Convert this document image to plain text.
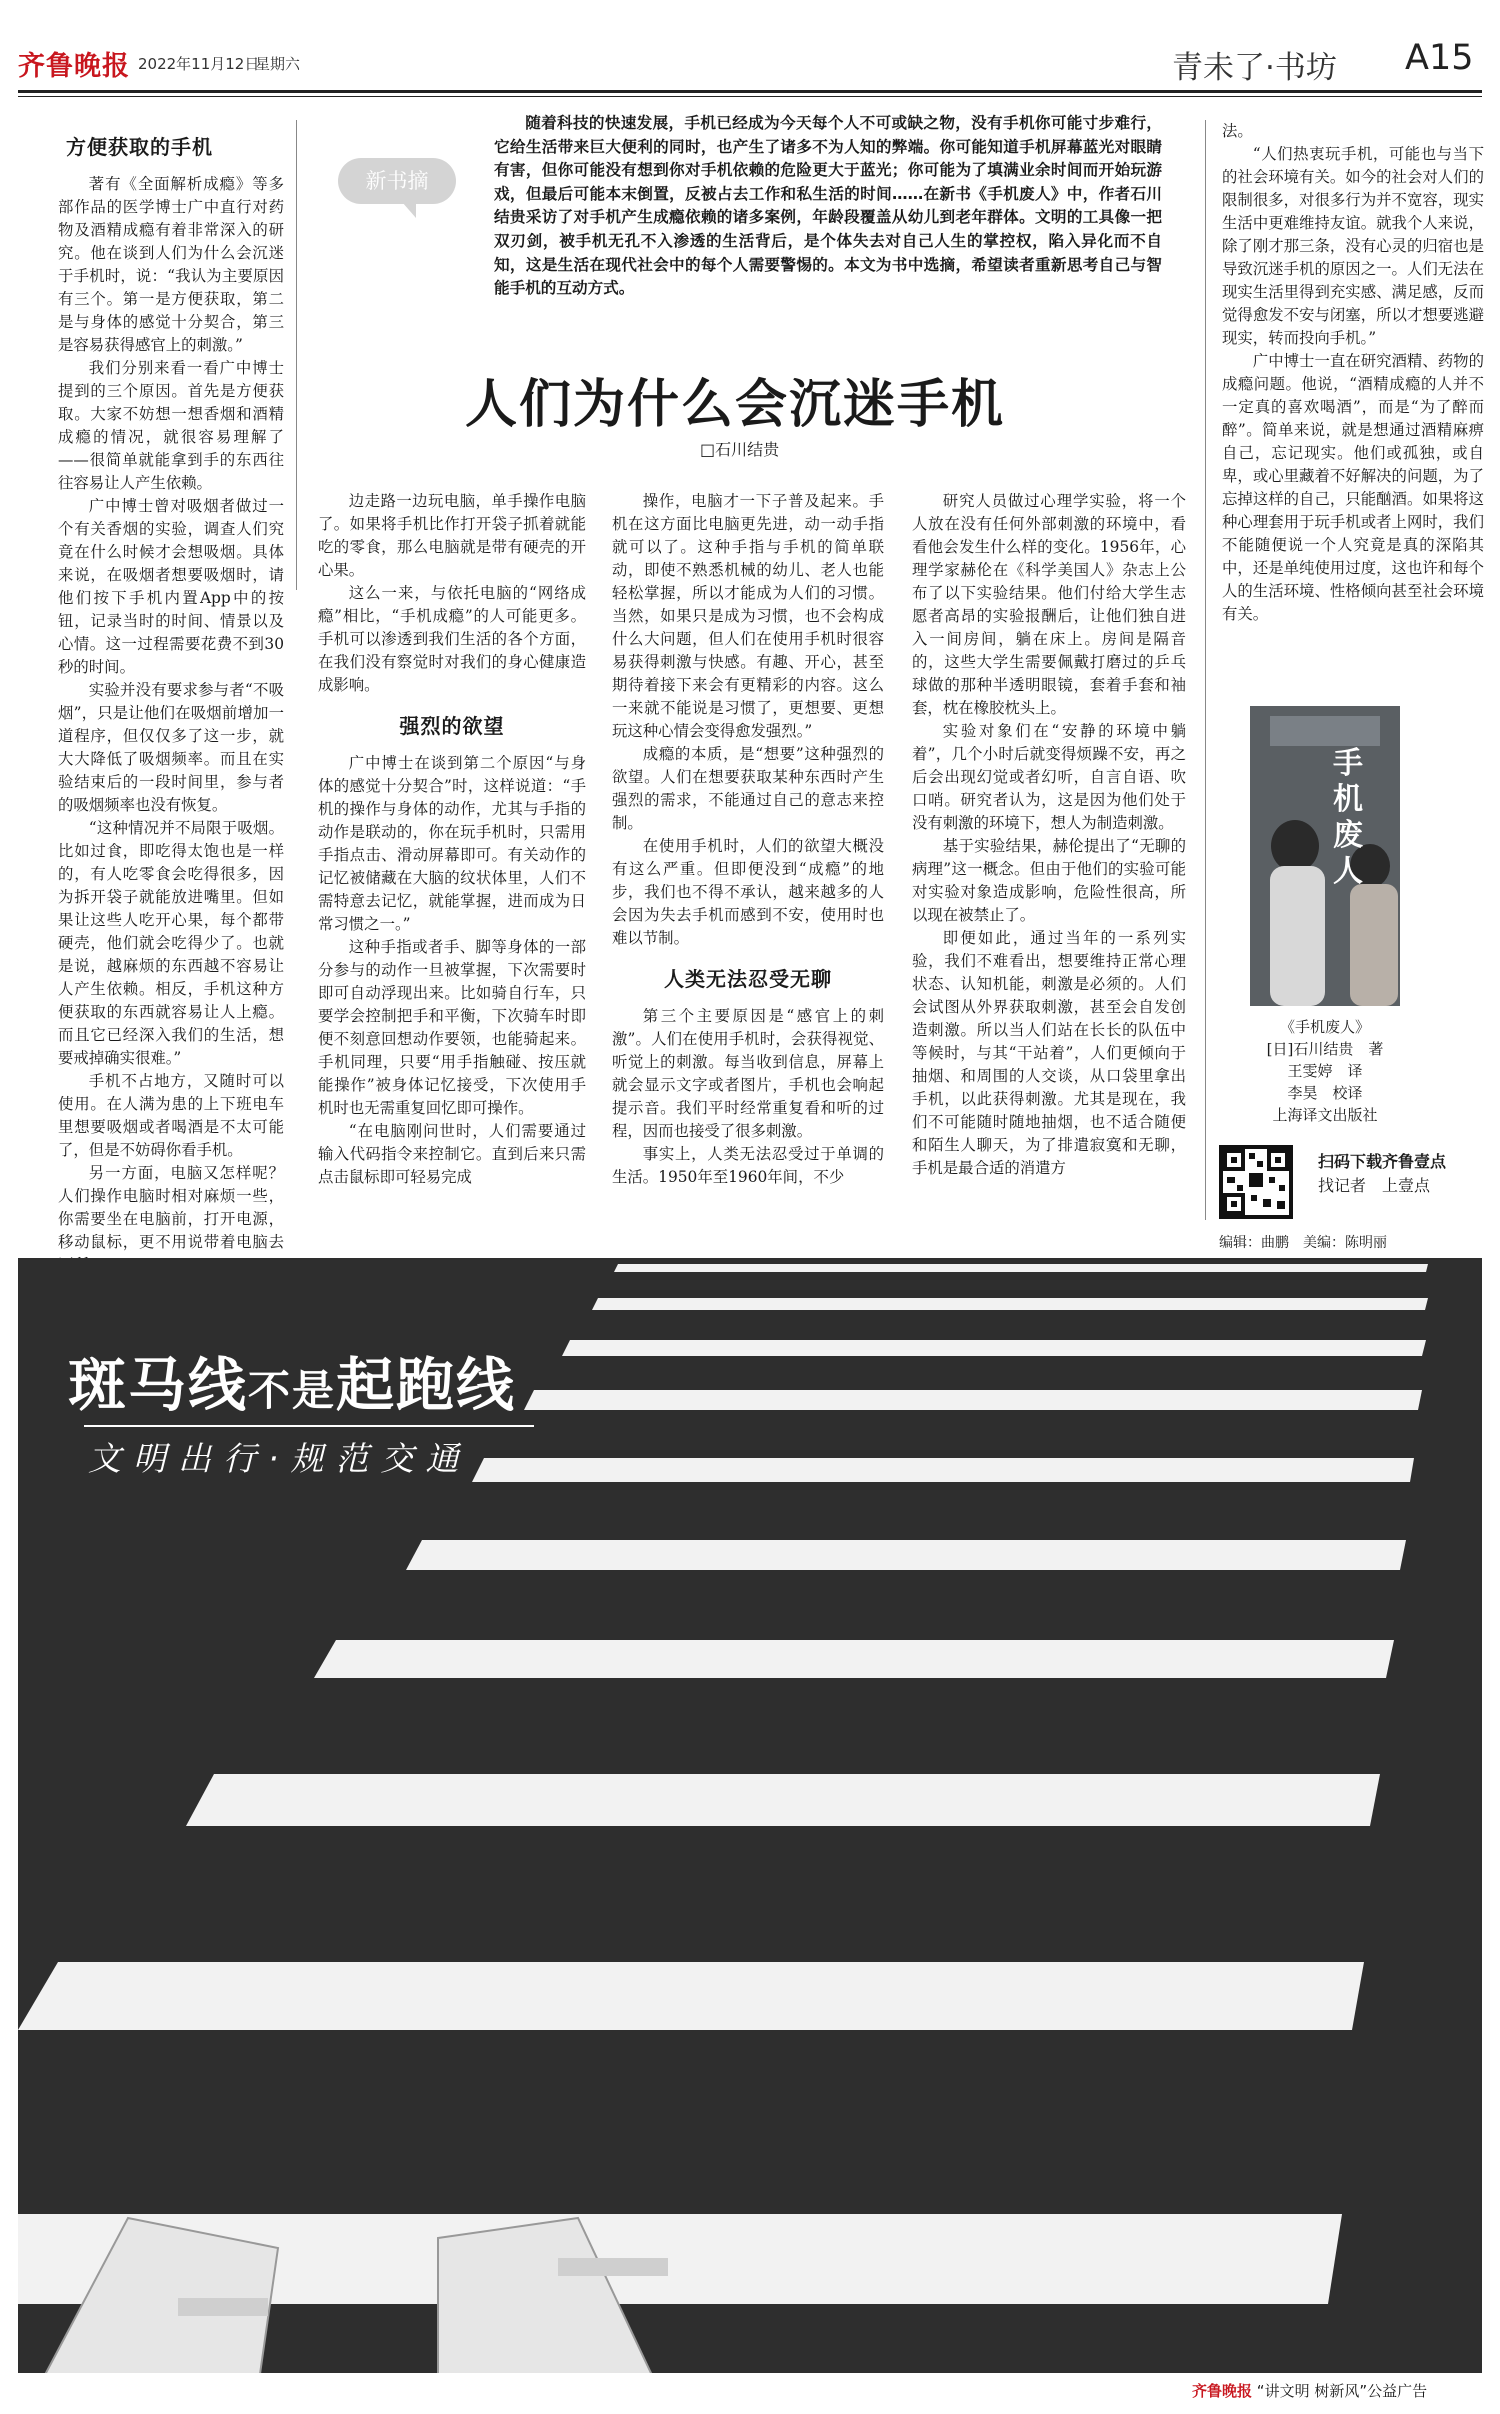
齐鲁晚报 2022年11月12日
星期六	青未了·书坊 A15
方便获取的手机

著有《全面解析成瘾》等多部作品的医学博士广中直行对药物及酒精成瘾有着非常深入的研究。他在谈到人们为什么会沉迷于手机时，说：“我认为主要原因有三个。第一是方便获取，第二是与身体的感觉十分契合，第三是容易获得感官上的刺激。”

我们分别来看一看广中博士提到的三个原因。首先是方便获取。大家不妨想一想香烟和酒精成瘾的情况，就很容易理解了——很简单就能拿到手的东西往往容易让人产生依赖。

广中博士曾对吸烟者做过一个有关香烟的实验，调查人们究竟在什么时候才会想吸烟。具体来说，在吸烟者想要吸烟时，请他们按下手机内置App中的按钮，记录当时的时间、情景以及心情。这一过程需要花费不到30秒的时间。

实验并没有要求参与者“不吸烟”，只是让他们在吸烟前增加一道程序，但仅仅多了这一步，就大大降低了吸烟频率。而且在实验结束后的一段时间里，参与者的吸烟频率也没有恢复。

“这种情况并不局限于吸烟。比如过食，即吃得太饱也是一样的，有人吃零食会吃得很多，因为拆开袋子就能放进嘴里。但如果让这些人吃开心果，每个都带硬壳，他们就会吃得少了。也就是说，越麻烦的东西越不容易让人产生依赖。相反，手机这种方便获取的东西就容易让人上瘾。而且它已经深入我们的生活，想要戒掉确实很难。”

手机不占地方，又随时可以使用。在人满为患的上下班电车里想要吸烟或者喝酒是不太可能了，但是不妨碍你看手机。

另一方面，电脑又怎样呢？人们操作电脑时相对麻烦一些，你需要坐在电脑前，打开电源，移动鼠标，更不用说带着电脑去

新书摘
随着科技的快速发展，手机已经成为今天每个人不可或缺之物，没有手机你可能寸步难行，它给生活带来巨大便利的同时，也产生了诸多不为人知的弊端。你可能知道手机屏幕蓝光对眼睛有害，但你可能没有想到你对手机依赖的危险更大于蓝光；你可能为了填满业余时间而开始玩游戏，但最后可能本末倒置，反被占去工作和私生活的时间……在新书《手机废人》中，作者石川结贵采访了对手机产生成瘾依赖的诸多案例，年龄段覆盖从幼儿到老年群体。文明的工具像一把双刃剑，被手机无孔不入渗透的生活背后，是个体失去对自己人生的掌控权，陷入异化而不自知，这是生活在现代社会中的每个人需要警惕的。本文为书中选摘，希望读者重新思考自己与智能手机的互动方式。
人们为什么会沉迷手机
□石川结贵

边走路一边玩电脑，单手操作电脑了。如果将手机比作打开袋子抓着就能吃的零食，那么电脑就是带有硬壳的开心果。

这么一来，与依托电脑的“网络成瘾”相比，“手机成瘾”的人可能更多。手机可以渗透到我们生活的各个方面，在我们没有察觉时对我们的身心健康造成影响。

强烈的欲望

广中博士在谈到第二个原因“与身体的感觉十分契合”时，这样说道：“手机的操作与身体的动作，尤其与手指的动作是联动的，你在玩手机时，只需用手指点击、滑动屏幕即可。有关动作的记忆被储藏在大脑的纹状体里，人们不需特意去记忆，就能掌握，进而成为日常习惯之一。”

这种手指或者手、脚等身体的一部分参与的动作一旦被掌握，下次需要时即可自动浮现出来。比如骑自行车，只要学会控制把手和平衡，下次骑车时即便不刻意回想动作要领，也能骑起来。手机同理，只要“用手指触碰、按压就能操作”被身体记忆接受，下次使用手机时也无需重复回忆即可操作。

“在电脑刚问世时，人们需要通过输入代码指令来控制它。直到后来只需点击鼠标即可轻易完成

操作，电脑才一下子普及起来。手机在这方面比电脑更先进，动一动手指就可以了。这种手指与手机的简单联动，即使不熟悉机械的幼儿、老人也能轻松掌握，所以才能成为人们的习惯。当然，如果只是成为习惯，也不会构成什么大问题，但人们在使用手机时很容易获得刺激与快感。有趣、开心，甚至期待着接下来会有更精彩的内容。这么一来就不能说是习惯了，更想要、更想玩这种心情会变得愈发强烈。”

成瘾的本质，是“想要”这种强烈的欲望。人们在想要获取某种东西时产生强烈的需求，不能通过自己的意志来控制。

在使用手机时，人们的欲望大概没有这么严重。但即便没到“成瘾”的地步，我们也不得不承认，越来越多的人会因为失去手机而感到不安，使用时也难以节制。

人类无法忍受无聊

第三个主要原因是“感官上的刺激”。人们在使用手机时，会获得视觉、听觉上的刺激。每当收到信息，屏幕上就会显示文字或者图片，手机也会响起提示音。我们平时经常重复看和听的过程，因而也接受了很多刺激。

事实上，人类无法忍受过于单调的生活。1950年至1960年间，不少

研究人员做过心理学实验，将一个人放在没有任何外部刺激的环境中，看看他会发生什么样的变化。1956年，心理学家赫伦在《科学美国人》杂志上公布了以下实验结果。他们付给大学生志愿者高昂的实验报酬后，让他们独自进入一间房间，躺在床上。房间是隔音的，这些大学生需要佩戴打磨过的乒乓球做的那种半透明眼镜，套着手套和袖套，枕在橡胶枕头上。

实验对象们在“安静的环境中躺着”，几个小时后就变得烦躁不安，再之后会出现幻觉或者幻听，自言自语、吹口哨。研究者认为，这是因为他们处于没有刺激的环境下，想人为制造刺激。

基于实验结果，赫伦提出了“无聊的病理”这一概念。但由于他们的实验可能对实验对象造成影响，危险性很高，所以现在被禁止了。

即便如此，通过当年的一系列实验，我们不难看出，想要维持正常心理状态、认知机能，刺激是必须的。人们会试图从外界获取刺激，甚至会自发创造刺激。所以当人们站在长长的队伍中等候时，与其“干站着”，人们更倾向于抽烟、和周围的人交谈，从口袋里拿出手机，以此获得刺激。尤其是现在，我们不可能随时随地抽烟，也不适合随便和陌生人聊天，为了排遣寂寞和无聊，手机是最合适的消遣方

法。

“人们热衷玩手机，可能也与当下的社会环境有关。如今的社会对人们的限制很多，对很多行为并不宽容，现实生活中更难维持友谊。就我个人来说，除了刚才那三条，没有心灵的归宿也是导致沉迷手机的原因之一。人们无法在现实生活里得到充实感、满足感，反而觉得愈发不安与闭塞，所以才想要逃避现实，转而投向手机。”

广中博士一直在研究酒精、药物的成瘾问题。他说，“酒精成瘾的人并不一定真的喜欢喝酒”，而是“为了醉而醉”。简单来说，就是想通过酒精麻痹自己，忘记现实。他们或孤独，或自卑，或心里藏着不好解决的问题，为了忘掉这样的自己，只能酗酒。如果将这种心理套用于玩手机或者上网时，我们不能随便说一个人究竟是真的深陷其中，还是单纯使用过度，这也许和每个人的生活环境、性格倾向甚至社会环境有关。

手机废人
《手机废人》
[日]石川结贵　著
王雯婷　译
李昊　校译
上海译文出版社
扫码下载齐鲁壹点
找记者　上壹点
编辑：曲鹏　美编：陈明丽
斑马线不是起跑线
文明出行·规范交通
齐鲁晚报 “讲文明 树新风”公益广告
